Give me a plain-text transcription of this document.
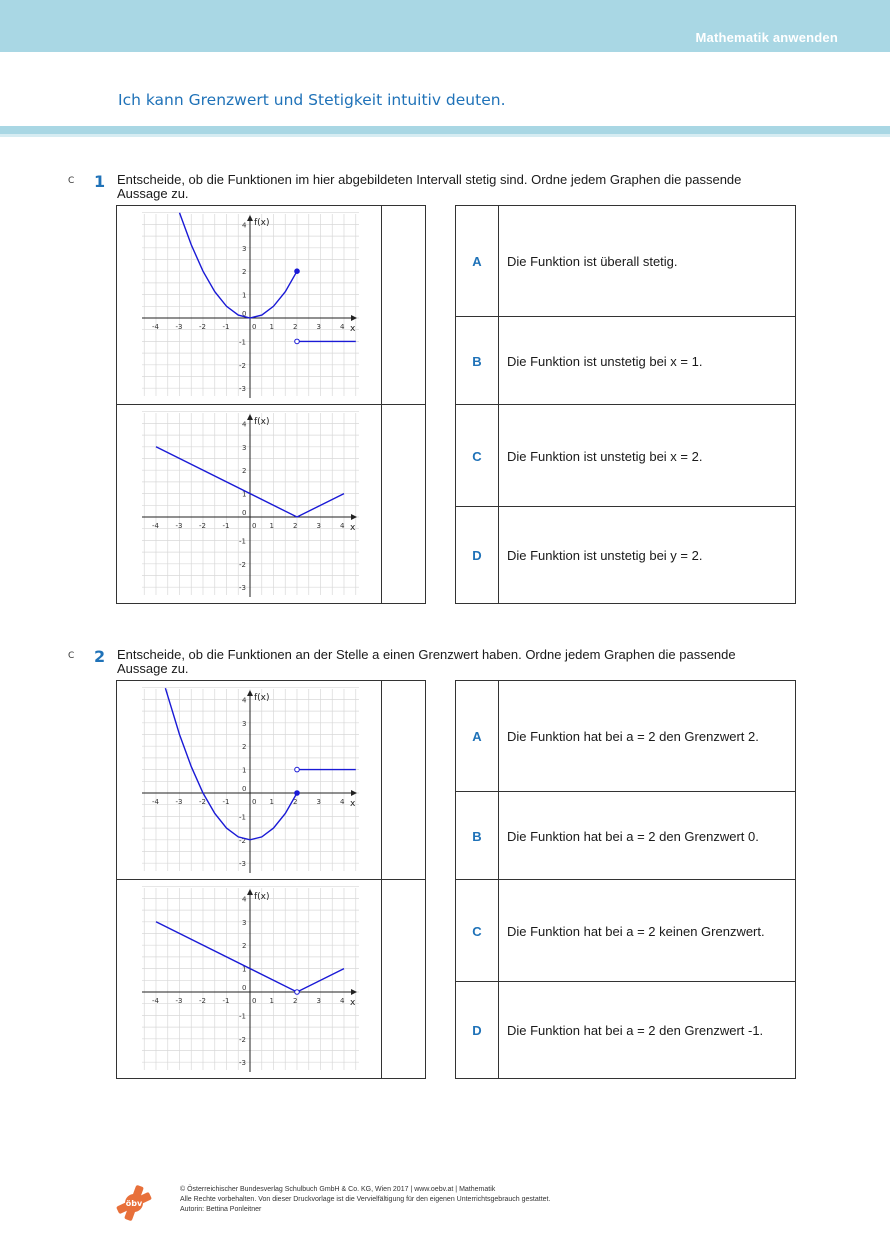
Mathematik anwenden
Ich kann Grenzwert und Stetigkeit intuitiv deuten.
C 1 Entscheide, ob die Funktionen im hier abgebildeten Intervall stetig sind. Ordne jedem Graphen die passende Aussage zu.
x
f(x)
-4 -3 -2 -1	0 1	2	3	4
-3
-2
-1
0
1
2
3
4
x
f(x)
-4 -3 -2 -1	0 1	2	3	4
-3
-2
-1
0
1
2
3
4
A	Die Funktion ist überall stetig.
B	Die Funktion ist unstetig bei x = 1.
C	Die Funktion ist unstetig bei x = 2.
D	Die Funktion ist unstetig bei y = 2.
C 2 Entscheide, ob die Funktionen an der Stelle a einen Grenzwert haben. Ordne jedem Graphen die passende Aussage zu.
x
f(x)
-4 -3 -2 -1	0 1	2	3	4
-3
-2
-1
0
1
2
3
4
x
f(x)
-4 -3 -2 -1	0 1	2	3	4
-3
-2
-1
0
1
2
3
4
A	Die Funktion hat bei a = 2 den Grenzwert 2.
B	Die Funktion hat bei a = 2 den Grenzwert 0.
C	Die Funktion hat bei a = 2 keinen Grenzwert.
D	Die Funktion hat bei a = 2 den Grenzwert -1.
öbv
© Österreichischer Bundesverlag Schulbuch GmbH & Co. KG, Wien 2017 | www.oebv.at | Mathematik
Alle Rechte vorbehalten. Von dieser Druckvorlage ist die Vervielfältigung für den eigenen Unterrichtsgebrauch gestattet.
Autorin: Bettina Ponleitner
